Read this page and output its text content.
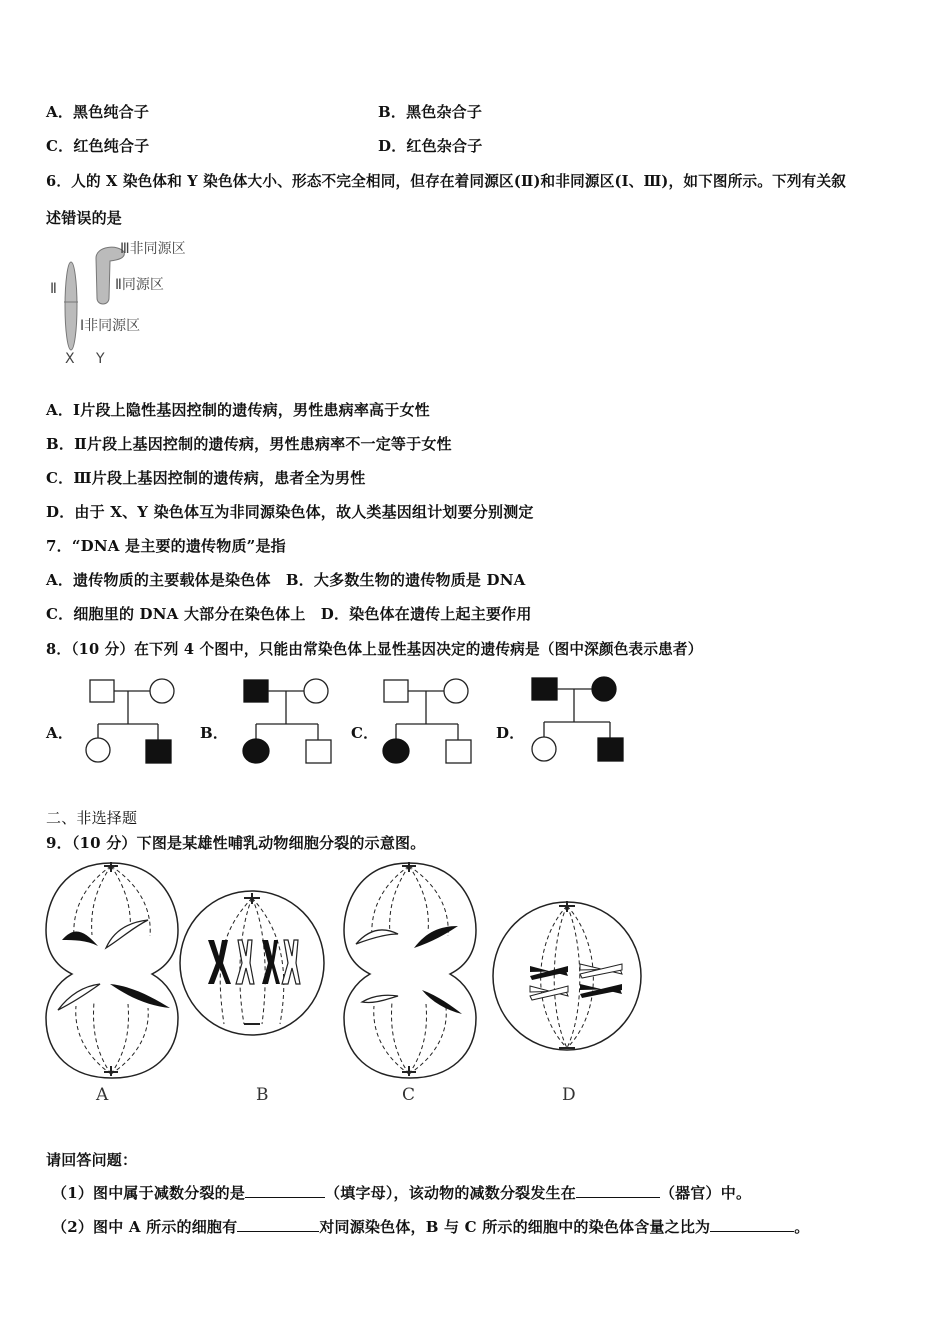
A．黑色纯合子	B．黑色杂合子
C．红色纯合子	D．红色杂合子
6．人的 X 染色体和 Y 染色体大小、形态不完全相同，但存在着同源区(Ⅱ)和非同源区(Ⅰ、Ⅲ)，如下图所示。下列有关叙
述错误的是
Ⅲ非同源区
Ⅱ同源区
Ⅰ非同源区
Ⅱ
X Y
A．Ⅰ片段上隐性基因控制的遗传病，男性患病率高于女性
B．Ⅱ片段上基因控制的遗传病，男性患病率不一定等于女性
C．Ⅲ片段上基因控制的遗传病，患者全为男性
D．由于 X、Y 染色体互为非同源染色体，故人类基因组计划要分别测定
7．“DNA 是主要的遗传物质”是指
A．遗传物质的主要载体是染色体　B．大多数生物的遗传物质是 DNA
C．细胞里的 DNA 大部分在染色体上　D．染色体在遗传上起主要作用
8．（10 分）在下列 4 个图中，只能由常染色体上显性基因决定的遗传病是（图中深颜色表示患者）
A．	B．	C．	D．
二、非选择题
9．（10 分）下图是某雄性哺乳动物细胞分裂的示意图。
A	B	C	D
请回答问题：
（1）图中属于减数分裂的是	（填字母），该动物的减数分裂发生在	（器官）中。
（2）图中 A 所示的细胞有	对同源染色体，B 与 C 所示的细胞中的染色体含量之比为	。
